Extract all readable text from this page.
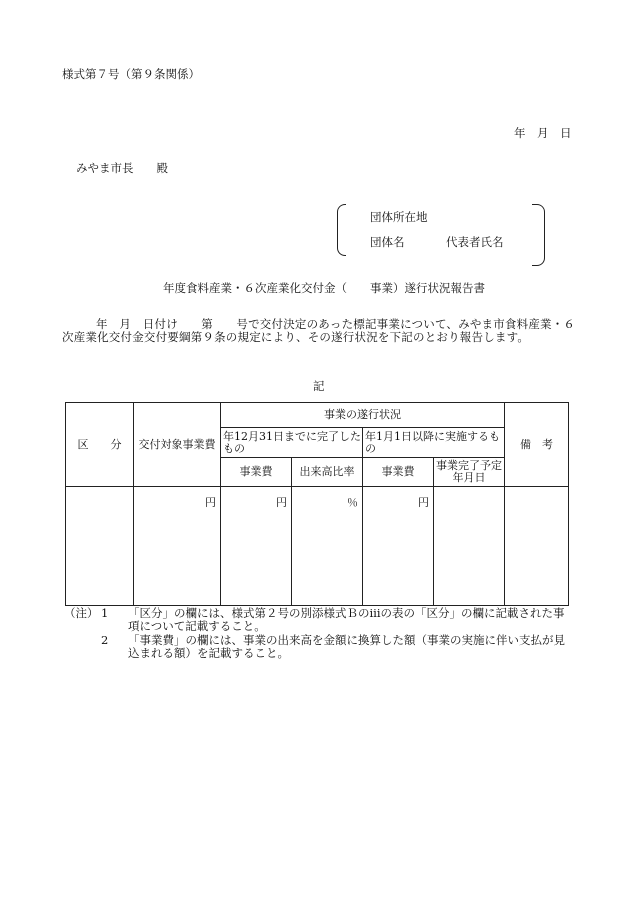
様式第７号（第９条関係）
年　月　日
みやま市長　　殿
団体所在地
団体名	代表者氏名
年度食料産業・６次産業化交付金（　　事業）遂行状況報告書
年　月　日付け　　第　　号で交付決定のあった標記事業について、みやま市食料産業・６次産業化交付金交付要綱第９条の規定により、その遂行状況を下記のとおり報告します。
記
区　　分	交付対象事業費	事業の遂行状況				備　考
		年12月31日までに完了したもの		年1月1日以降に実施するもの		
		事業費	出来高比率	事業費	事業完了予定年月日	
	円	円	％	円		
（注） 1 「区分」の欄には、様式第２号の別添様式Ｂのⅲの表の「区分」の欄に記載された事項について記載すること。
2 「事業費」の欄には、事業の出来高を金額に換算した額（事業の実施に伴い支払が見込まれる額）を記載すること。
